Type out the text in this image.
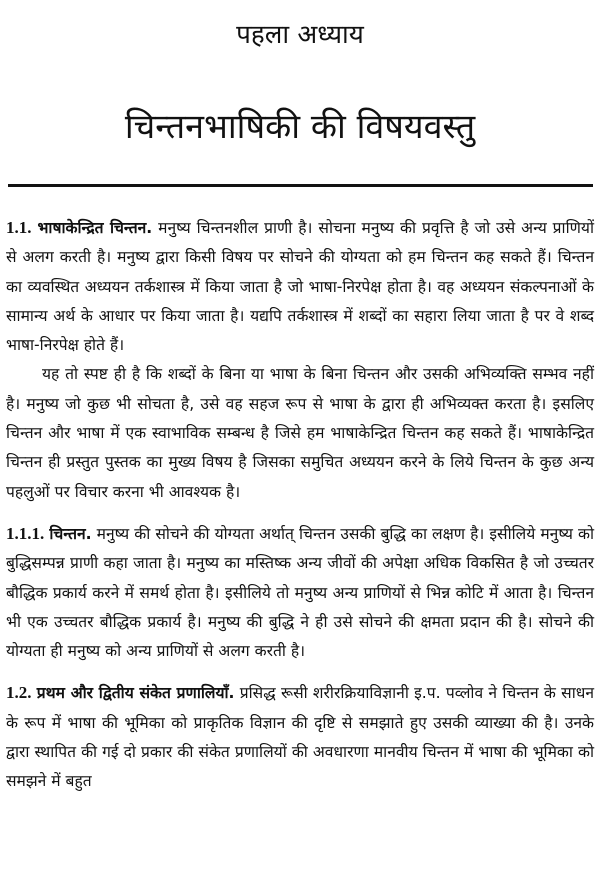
पहला अध्याय
चिन्तनभाषिकी की विषयवस्तु

1.1. भाषाकेन्द्रित चिन्तन. मनुष्य चिन्तनशील प्राणी है। सोचना मनुष्य की प्रवृत्ति है जो उसे अन्य प्राणियों से अलग करती है। मनुष्य द्वारा किसी विषय पर सोचने की योग्यता को हम चिन्तन कह सकते हैं। चिन्तन का व्यवस्थित अध्ययन तर्कशास्त्र में किया जाता है जो भाषा-निरपेक्ष होता है। वह अध्ययन संकल्पनाओं के सामान्य अर्थ के आधार पर किया जाता है। यद्यपि तर्कशास्त्र में शब्दों का सहारा लिया जाता है पर वे शब्द भाषा-निरपेक्ष होते हैं।

यह तो स्पष्ट ही है कि शब्दों के बिना या भाषा के बिना चिन्तन और उसकी अभिव्यक्ति सम्भव नहीं है। मनुष्य जो कुछ भी सोचता है, उसे वह सहज रूप से भाषा के द्वारा ही अभिव्यक्त करता है। इसलिए चिन्तन और भाषा में एक स्वाभाविक सम्बन्ध है जिसे हम भाषाकेन्द्रित चिन्तन कह सकते हैं। भाषाकेन्द्रित चिन्तन ही प्रस्तुत पुस्तक का मुख्य विषय है जिसका समुचित अध्ययन करने के लिये चिन्तन के कुछ अन्य पहलुओं पर विचार करना भी आवश्यक है।

1.1.1. चिन्तन. मनुष्य की सोचने की योग्यता अर्थात् चिन्तन उसकी बुद्धि का लक्षण है। इसीलिये मनुष्य को बुद्धिसम्पन्न प्राणी कहा जाता है। मनुष्य का मस्तिष्क अन्य जीवों की अपेक्षा अधिक विकसित है जो उच्चतर बौद्धिक प्रकार्य करने में समर्थ होता है। इसीलिये तो मनुष्य अन्य प्राणियों से भिन्न कोटि में आता है। चिन्तन भी एक उच्चतर बौद्धिक प्रकार्य है। मनुष्य की बुद्धि ने ही उसे सोचने की क्षमता प्रदान की है। सोचने की योग्यता ही मनुष्य को अन्य प्राणियों से अलग करती है।

1.2. प्रथम और द्वितीय संकेत प्रणालियाँ. प्रसिद्ध रूसी शरीरक्रियाविज्ञानी इ.प. पव्लोव ने चिन्तन के साधन के रूप में भाषा की भूमिका को प्राकृतिक विज्ञान की दृष्टि से समझाते हुए उसकी व्याख्या की है। उनके द्वारा स्थापित की गई दो प्रकार की संकेत प्रणालियों की अवधारणा मानवीय चिन्तन में भाषा की भूमिका को समझने में बहुत
